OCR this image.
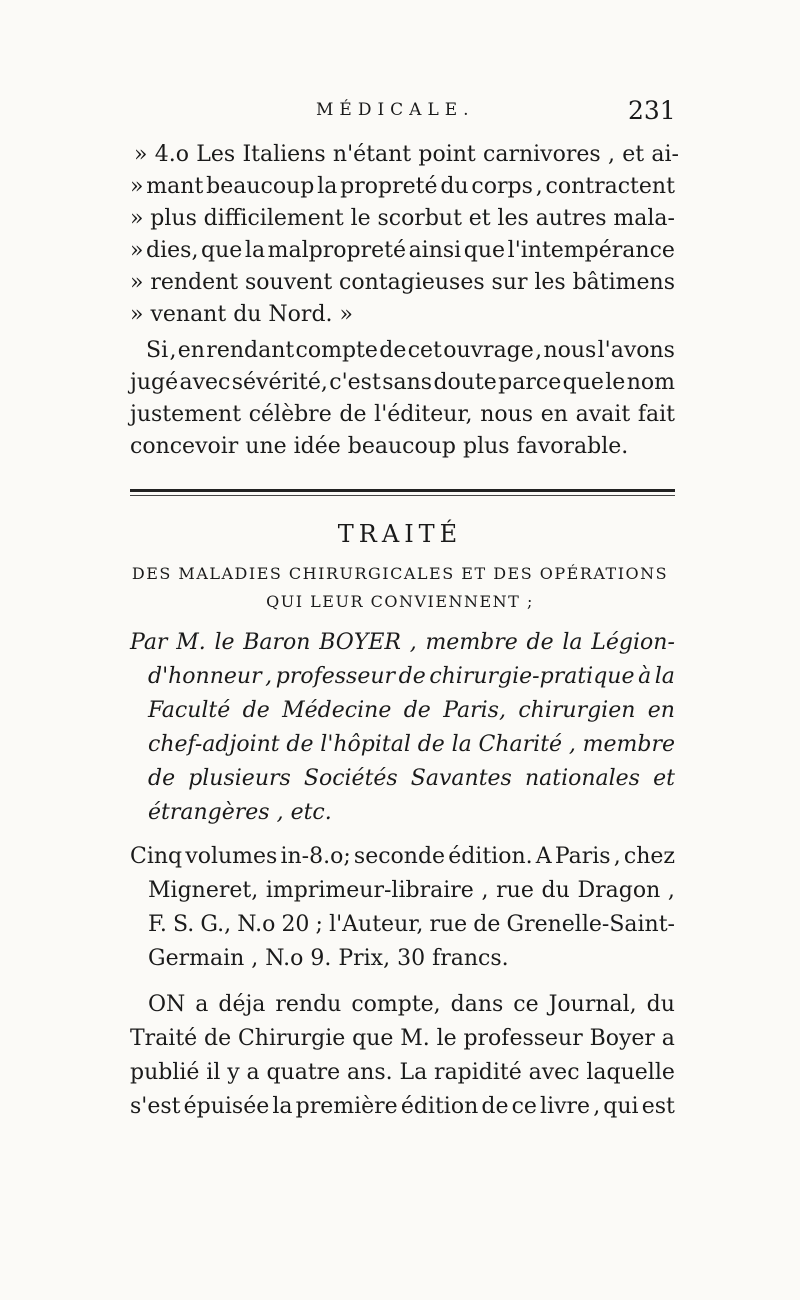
MÉDICALE.	231
» 4.o Les Italiens n'étant point carnivores , et ai-
» mant beaucoup la propreté du corps , contractent
» plus difficilement le scorbut et les autres mala-
» dies, que la malpropreté ainsi que l'intempérance
» rendent souvent contagieuses sur les bâtimens
» venant du Nord. »
Si , en rendant compte de cet ouvrage , nous l'avons
jugé avec sévérité, c'est sans doute parce que le nom
justement célèbre de l'éditeur, nous en avait fait
concevoir une idée beaucoup plus favorable.
TRAITÉ
DES MALADIES CHIRURGICALES ET DES OPÉRATIONS
QUI LEUR CONVIENNENT ;
Par M. le Baron BOYER , membre de la Légion-
d'honneur , professeur de chirurgie-pratique à la
Faculté de Médecine de Paris, chirurgien en
chef-adjoint de l'hôpital de la Charité , membre
de plusieurs Sociétés Savantes nationales et
étrangères , etc.
Cinq volumes in-8.o; seconde édition. A Paris , chez
Migneret, imprimeur-libraire , rue du Dragon ,
F. S. G., N.o 20 ; l'Auteur, rue de Grenelle-Saint-
Germain , N.o 9. Prix, 30 francs.
ON a déja rendu compte, dans ce Journal, du
Traité de Chirurgie que M. le professeur Boyer a
publié il y a quatre ans. La rapidité avec laquelle
s'est épuisée la première édition de ce livre , qui est
